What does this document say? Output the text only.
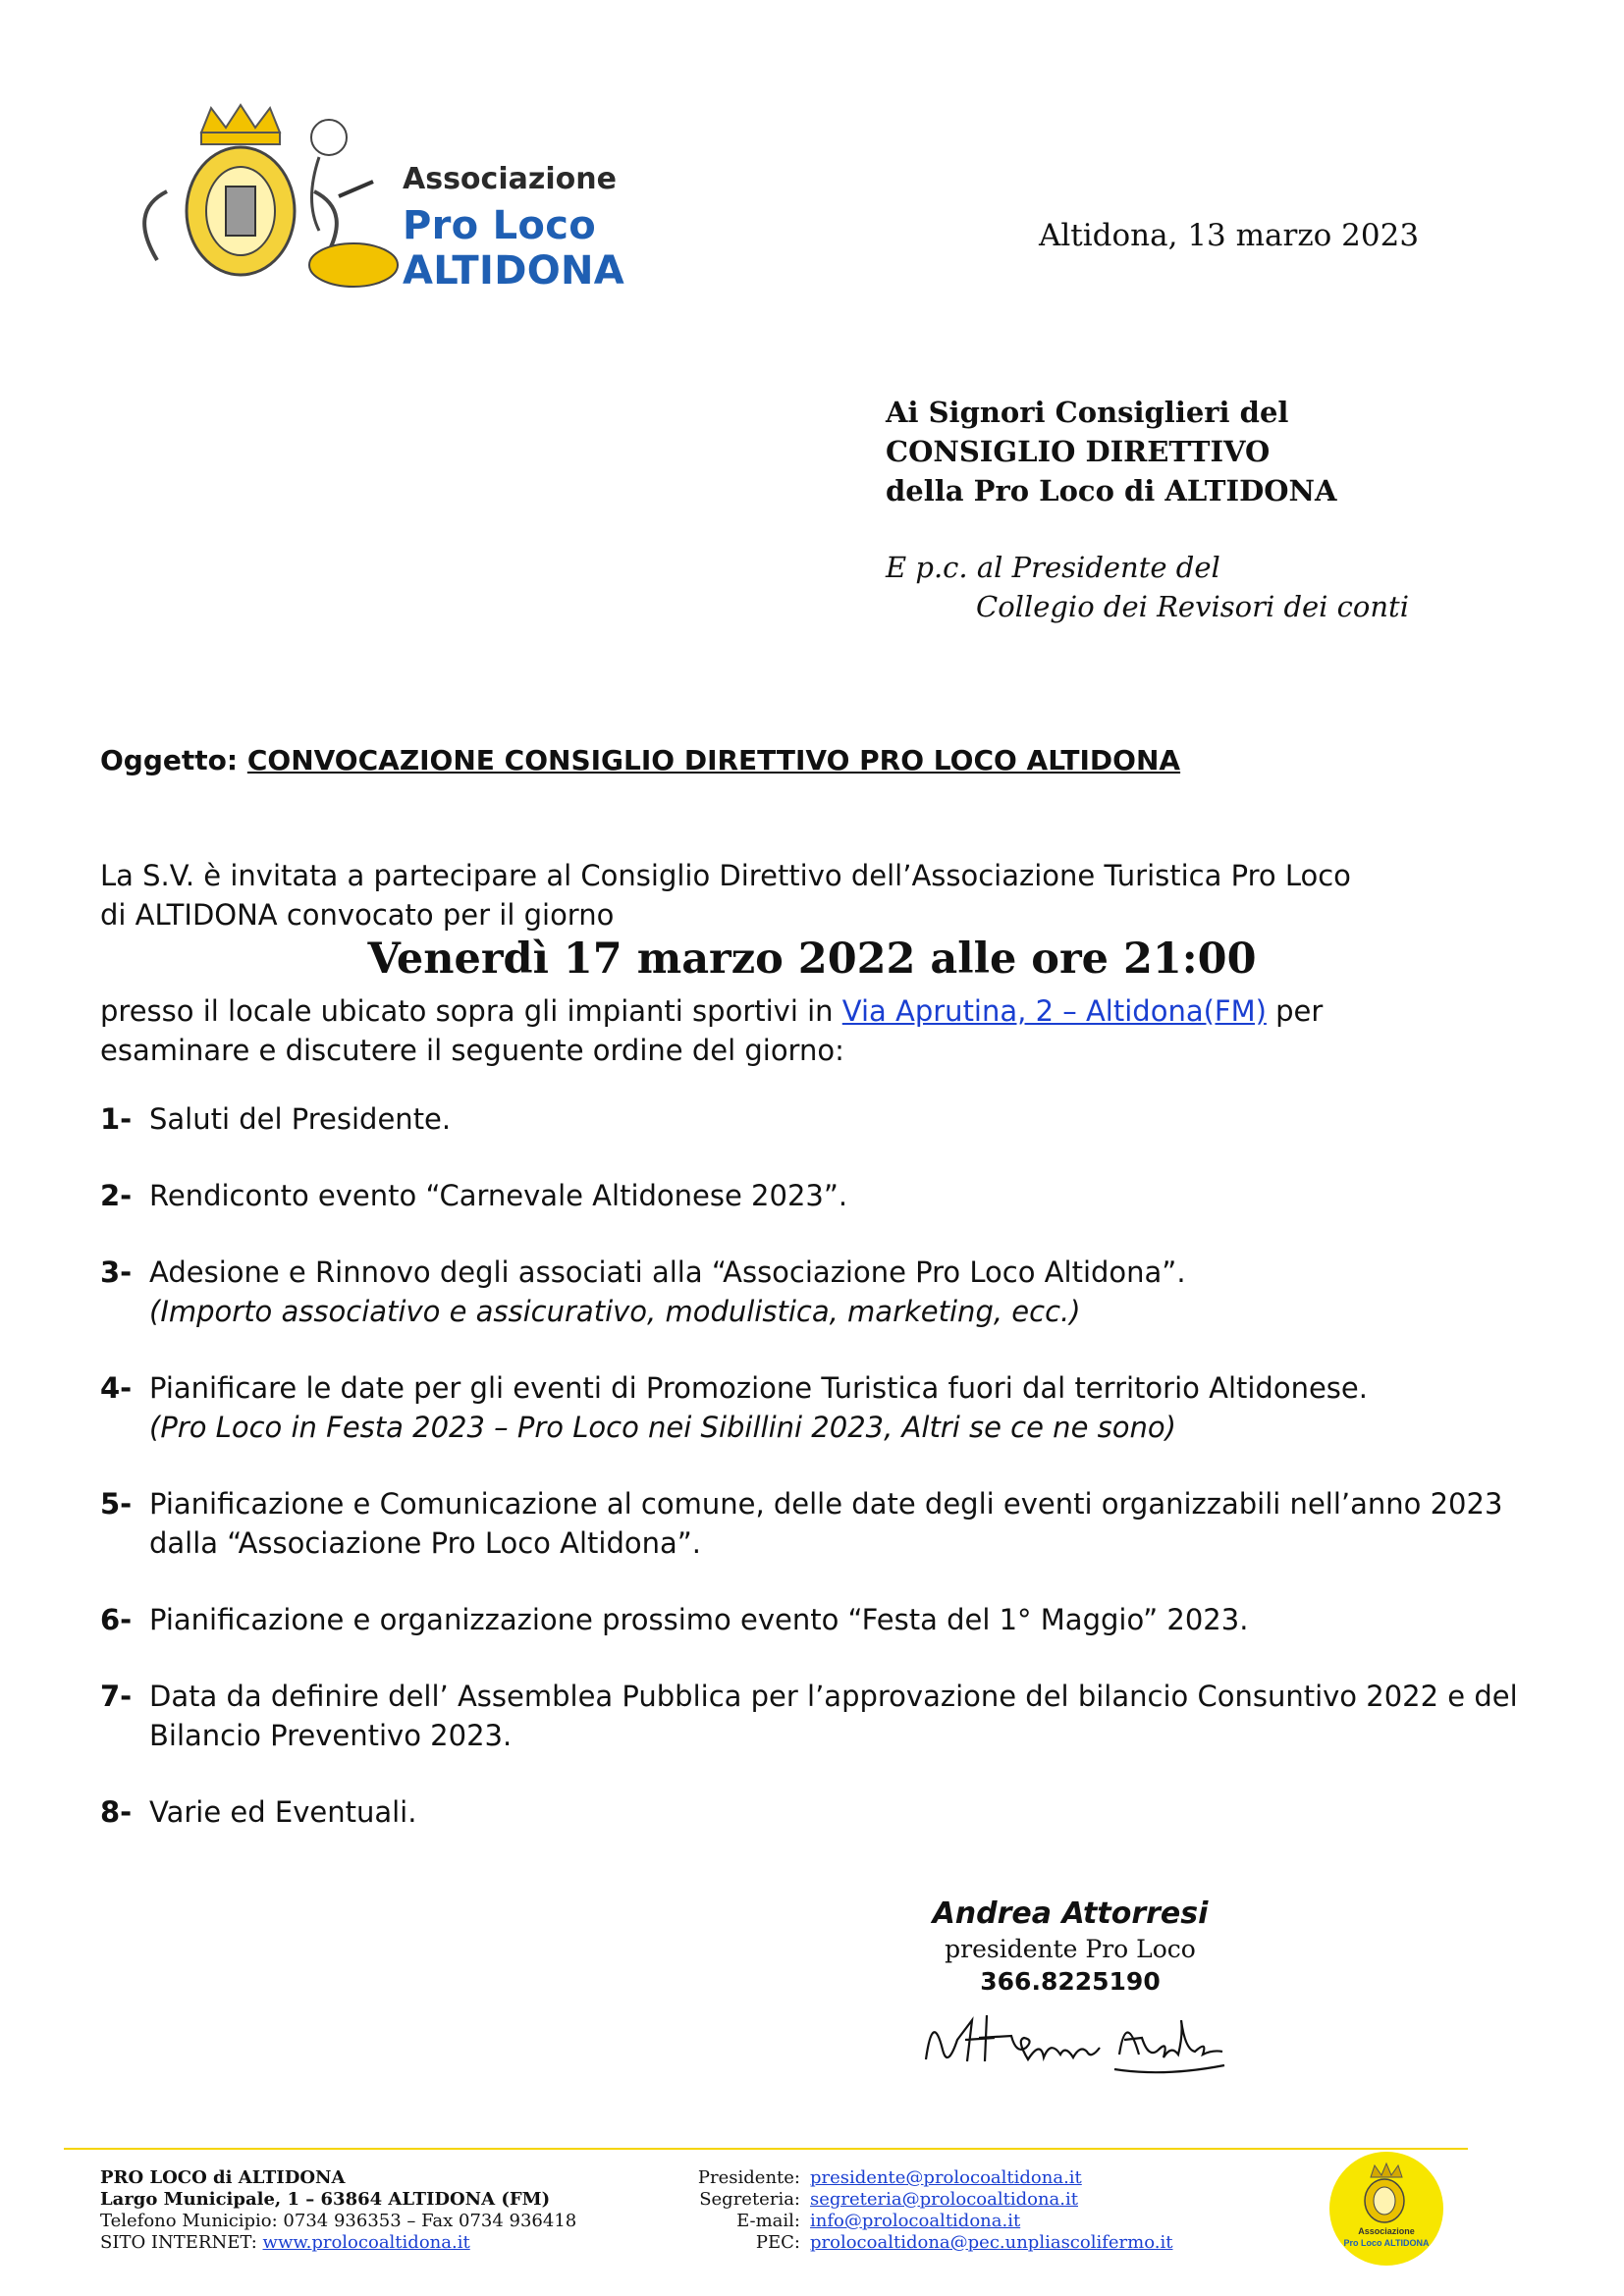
Associazione
Pro Loco ALTIDONA
Altidona, 13 marzo 2023
Ai Signori Consiglieri del
CONSIGLIO DIRETTIVO
della Pro Loco di ALTIDONA
E p.c. al Presidente del
Collegio dei Revisori dei conti
Oggetto: CONVOCAZIONE CONSIGLIO DIRETTIVO PRO LOCO ALTIDONA
La S.V. è invitata a partecipare al Consiglio Direttivo dell’Associazione Turistica Pro Loco
di ALTIDONA convocato per il giorno
Venerdì 17 marzo 2022 alle ore 21:00
presso il locale ubicato sopra gli impianti sportivi in Via Aprutina, 2 – Altidona(FM) per
esaminare e discutere il seguente ordine del giorno:
1- Saluti del Presidente.
2- Rendiconto evento “Carnevale Altidonese 2023”.
3- Adesione e Rinnovo degli associati alla “Associazione Pro Loco Altidona”.
(Importo associativo e assicurativo, modulistica, marketing, ecc.)
4- Pianificare le date per gli eventi di Promozione Turistica fuori dal territorio Altidonese.
(Pro Loco in Festa 2023 – Pro Loco nei Sibillini 2023, Altri se ce ne sono)
5- Pianificazione e Comunicazione al comune, delle date degli eventi organizzabili nell’anno 2023 dalla “Associazione Pro Loco Altidona”.
6- Pianificazione e organizzazione prossimo evento “Festa del 1° Maggio” 2023.
7- Data da definire dell’ Assemblea Pubblica per l’approvazione del bilancio Consuntivo 2022 e del Bilancio Preventivo 2023.
8- Varie ed Eventuali.
Andrea Attorresi
presidente Pro Loco
366.8225190
PRO LOCO di ALTIDONA
Largo Municipale, 1 – 63864 ALTIDONA (FM)
Telefono Municipio: 0734 936353 – Fax 0734 936418
SITO INTERNET: www.prolocoaltidona.it
Presidente: presidente@prolocoaltidona.it
Segreteria: segreteria@prolocoaltidona.it
E-mail: info@prolocoaltidona.it
PEC: prolocoaltidona@pec.unpliascolifermo.it
Associazione
Pro Loco ALTIDONA
